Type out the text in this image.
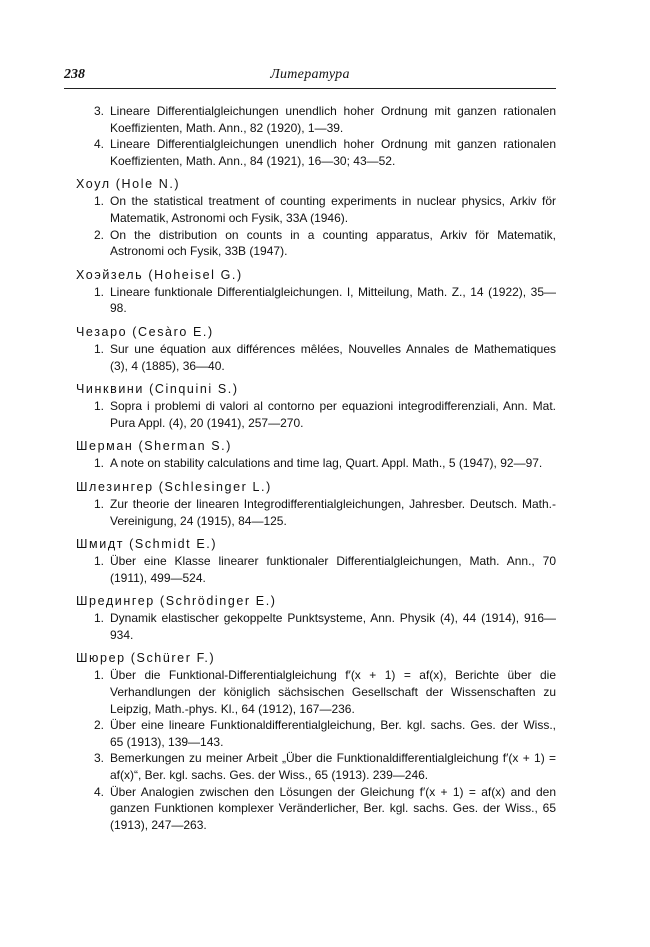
238	Литература
3. Lineare Differentialgleichungen unendlich hoher Ordnung mit ganzen rationalen Koeffizienten, Math. Ann., 82 (1920), 1—39.
4. Lineare Differentialgleichungen unendlich hoher Ordnung mit ganzen rationalen Koeffizienten, Math. Ann., 84 (1921), 16—30; 43—52.
Хоул (Hole N.)
1. On the statistical treatment of counting experiments in nuclear physics, Arkiv för Matematik, Astronomi och Fysik, 33A (1946).
2. On the distribution on counts in a counting apparatus, Arkiv för Matematik, Astronomi och Fysik, 33B (1947).
Хоэйзель (Hoheisel G.)
1. Lineare funktionale Differentialgleichungen. I, Mitteilung, Math. Z., 14 (1922), 35—98.
Чезаро (Cesàro E.)
1. Sur une équation aux différences mêlées, Nouvelles Annales de Mathematiques (3), 4 (1885), 36—40.
Чинквини (Cinquini S.)
1. Sopra i problemi di valori al contorno per equazioni integrodifferenziali, Ann. Mat. Pura Appl. (4), 20 (1941), 257—270.
Шерман (Sherman S.)
1. A note on stability calculations and time lag, Quart. Appl. Math., 5 (1947), 92—97.
Шлезингер (Schlesinger L.)
1. Zur theorie der linearen Integrodifferentialgleichungen, Jahresber. Deutsch. Math.-Vereinigung, 24 (1915), 84—125.
Шмидт (Schmidt E.)
1. Über eine Klasse linearer funktionaler Differentialgleichungen, Math. Ann., 70 (1911), 499—524.
Шредингер (Schrödinger E.)
1. Dynamik elastischer gekoppelte Punktsysteme, Ann. Physik (4), 44 (1914), 916—934.
Шюрер (Schürer F.)
1. Über die Funktional-Differentialgleichung f′(x + 1) = af(x), Berichte über die Verhandlungen der königlich sächsischen Gesellschaft der Wissenschaften zu Leipzig, Math.-phys. Kl., 64 (1912), 167—236.
2. Über eine lineare Funktionaldifferentialgleichung, Ber. kgl. sachs. Ges. der Wiss., 65 (1913), 139—143.
3. Bemerkungen zu meiner Arbeit „Über die Funktionaldifferentialgleichung f′(x + 1) = af(x)“, Ber. kgl. sachs. Ges. der Wiss., 65 (1913). 239—246.
4. Über Analogien zwischen den Lösungen der Gleichung f′(x + 1) = af(x) and den ganzen Funktionen komplexer Veränderlicher, Ber. kgl. sachs. Ges. der Wiss., 65 (1913), 247—263.
